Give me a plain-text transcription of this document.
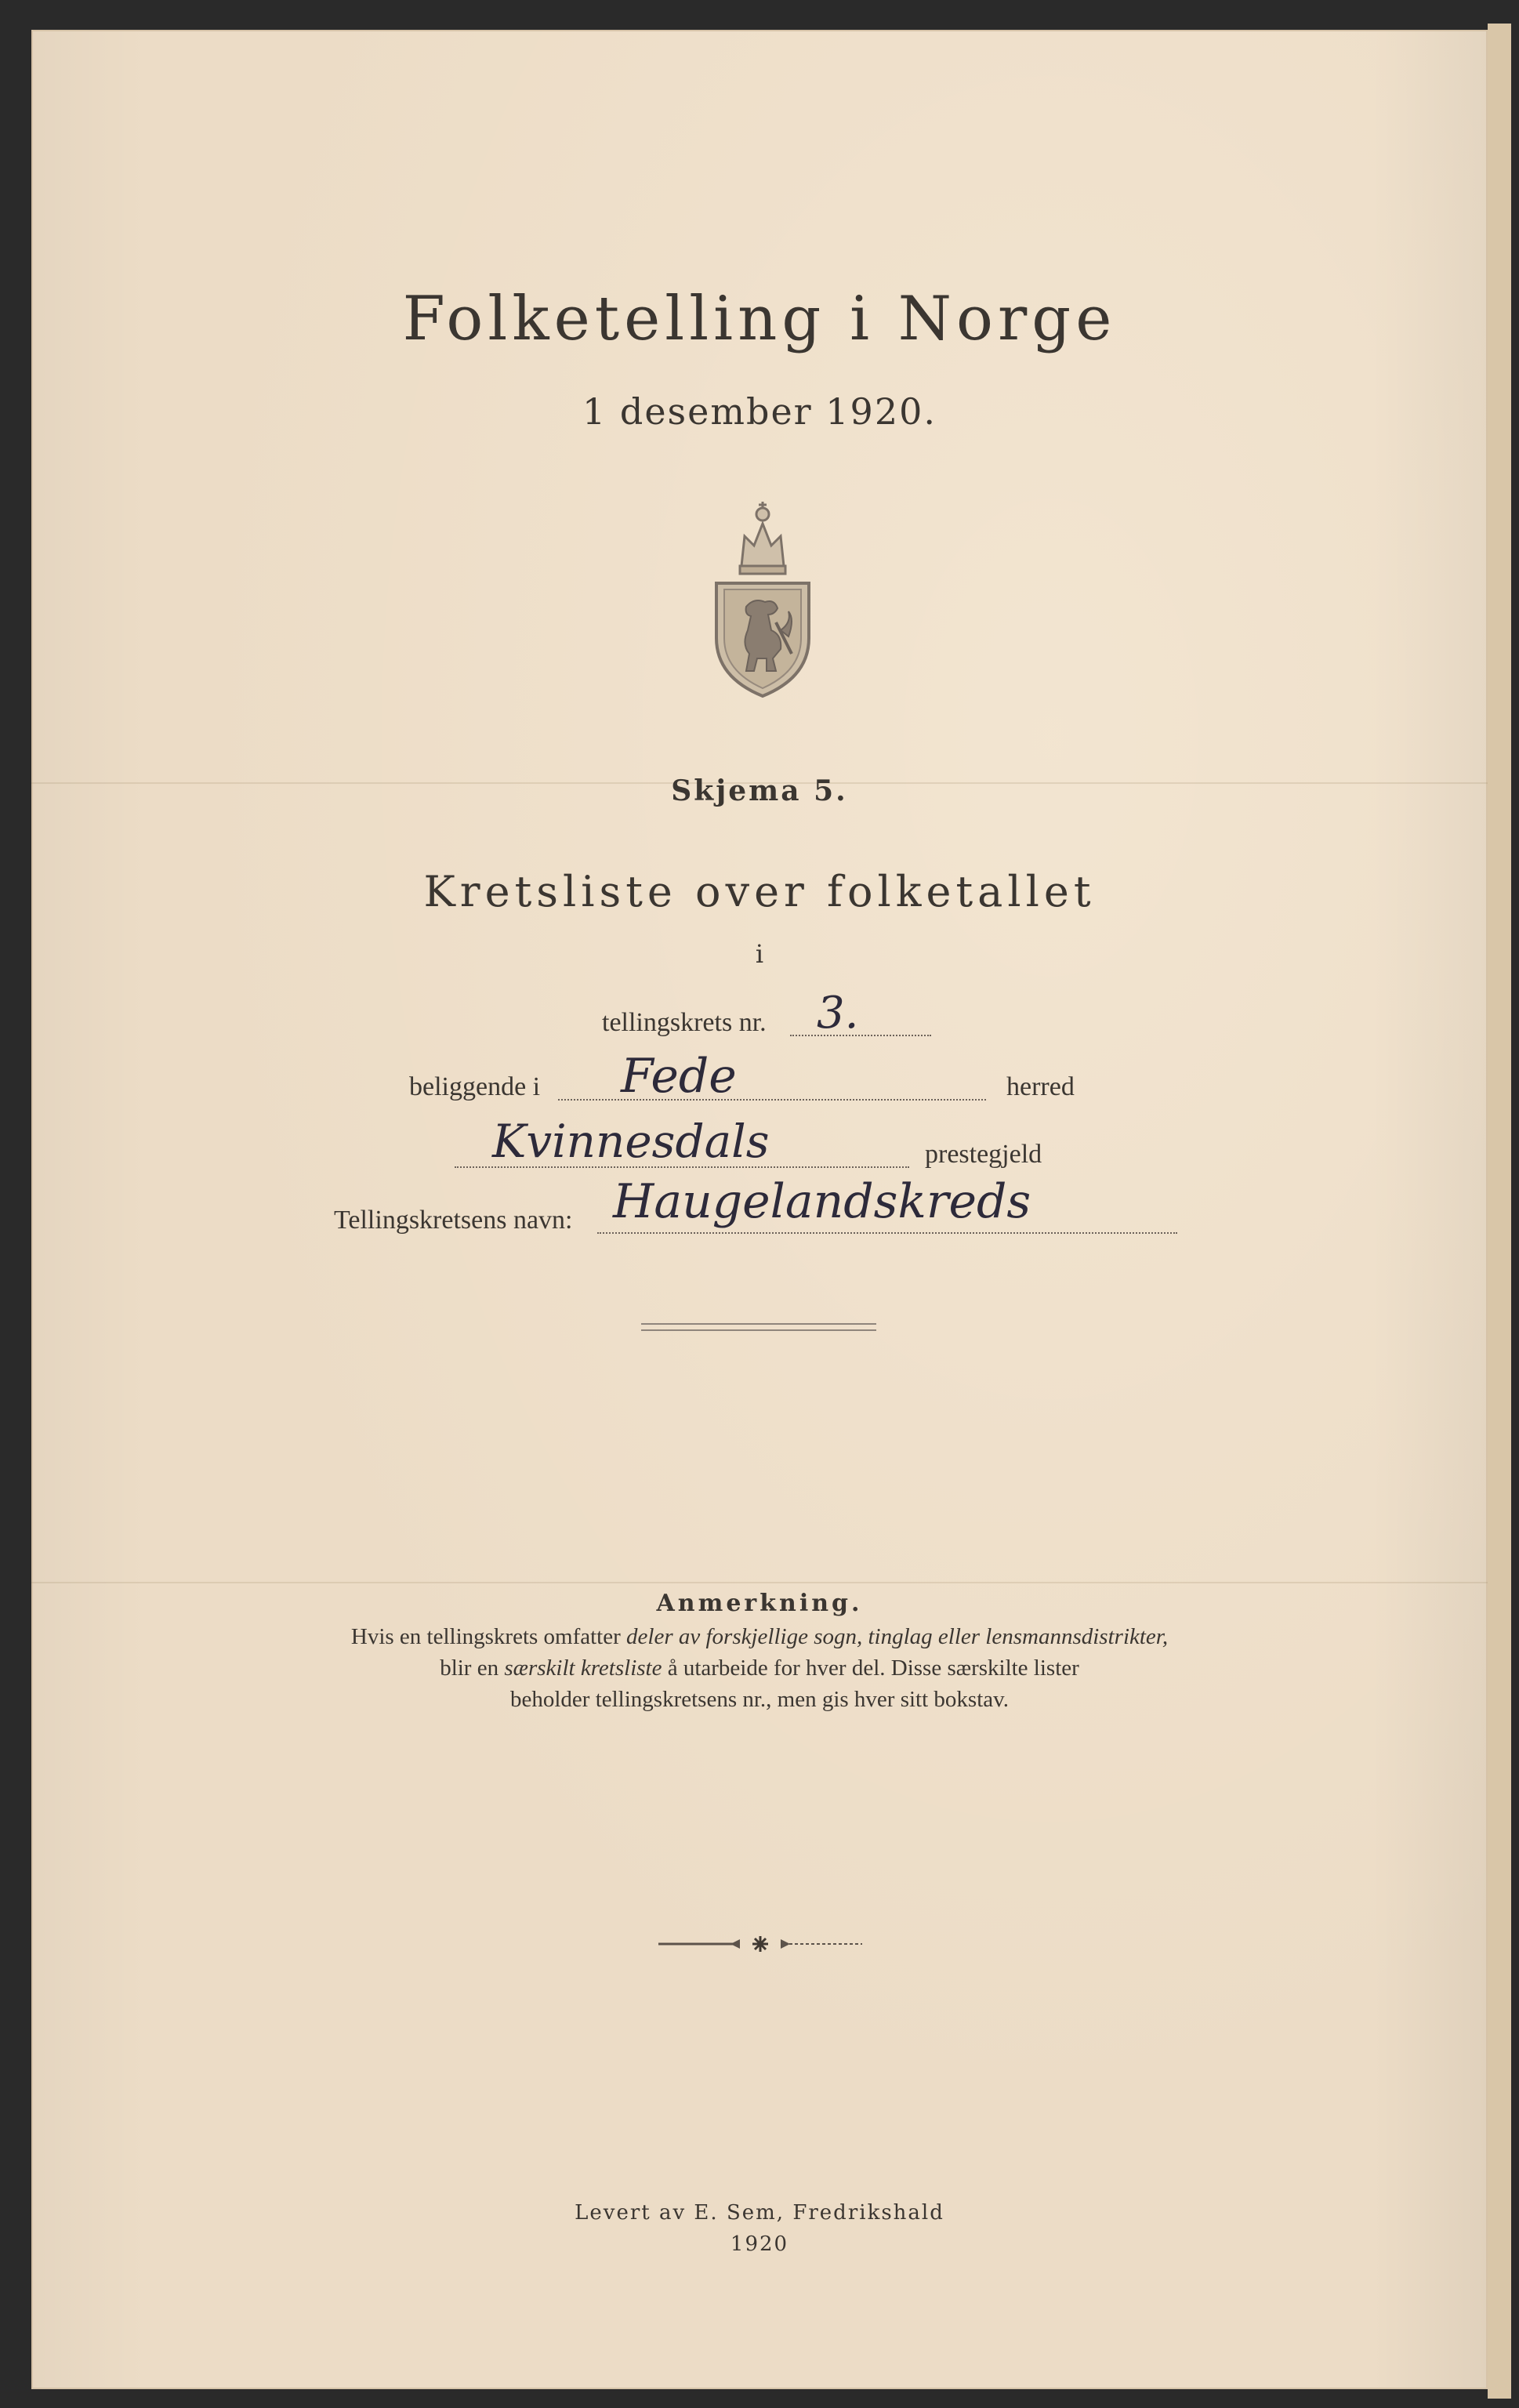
Folketelling i Norge
1 desember 1920.
Skjema 5.
Kretsliste over folketallet
i
tellingskrets nr. 3.
beliggende i Fede	herred
Kvinnesdals	prestegjeld
Tellingskretsens navn: Haugelandskreds
Anmerkning.
Hvis en tellingskrets omfatter deler av forskjellige sogn, tinglag eller lensmannsdistrikter,
blir en særskilt kretsliste å utarbeide for hver del. Disse særskilte lister
beholder tellingskretsens nr., men gis hver sitt bokstav.
Levert av E. Sem, Fredrikshald
1920
